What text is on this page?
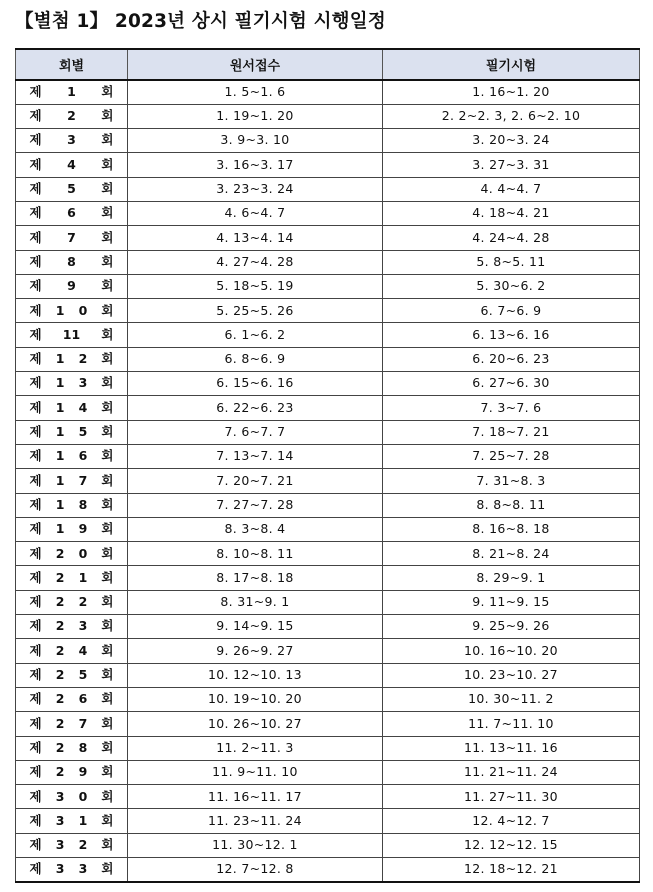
【별첨 1】 2023년 상시 필기시험 시행일정
회별	원서접수	필기시험
제 1 회	1. 5~1. 6	1. 16~1. 20
제 2 회	1. 19~1. 20	2. 2~2. 3, 2. 6~2. 10
제 3 회	3. 9~3. 10	3. 20~3. 24
제 4 회	3. 16~3. 17	3. 27~3. 31
제 5 회	3. 23~3. 24	4. 4~4. 7
제 6 회	4. 6~4. 7	4. 18~4. 21
제 7 회	4. 13~4. 14	4. 24~4. 28
제 8 회	4. 27~4. 28	5. 8~5. 11
제 9 회	5. 18~5. 19	5. 30~6. 2
제 1 0 회	5. 25~5. 26	6. 7~6. 9
제 11 회	6. 1~6. 2	6. 13~6. 16
제 1 2 회	6. 8~6. 9	6. 20~6. 23
제 1 3 회	6. 15~6. 16	6. 27~6. 30
제 1 4 회	6. 22~6. 23	7. 3~7. 6
제 1 5 회	7. 6~7. 7	7. 18~7. 21
제 1 6 회	7. 13~7. 14	7. 25~7. 28
제 1 7 회	7. 20~7. 21	7. 31~8. 3
제 1 8 회	7. 27~7. 28	8. 8~8. 11
제 1 9 회	8. 3~8. 4	8. 16~8. 18
제 2 0 회	8. 10~8. 11	8. 21~8. 24
제 2 1 회	8. 17~8. 18	8. 29~9. 1
제 2 2 회	8. 31~9. 1	9. 11~9. 15
제 2 3 회	9. 14~9. 15	9. 25~9. 26
제 2 4 회	9. 26~9. 27	10. 16~10. 20
제 2 5 회	10. 12~10. 13	10. 23~10. 27
제 2 6 회	10. 19~10. 20	10. 30~11. 2
제 2 7 회	10. 26~10. 27	11. 7~11. 10
제 2 8 회	11. 2~11. 3	11. 13~11. 16
제 2 9 회	11. 9~11. 10	11. 21~11. 24
제 3 0 회	11. 16~11. 17	11. 27~11. 30
제 3 1 회	11. 23~11. 24	12. 4~12. 7
제 3 2 회	11. 30~12. 1	12. 12~12. 15
제 3 3 회	12. 7~12. 8	12. 18~12. 21
